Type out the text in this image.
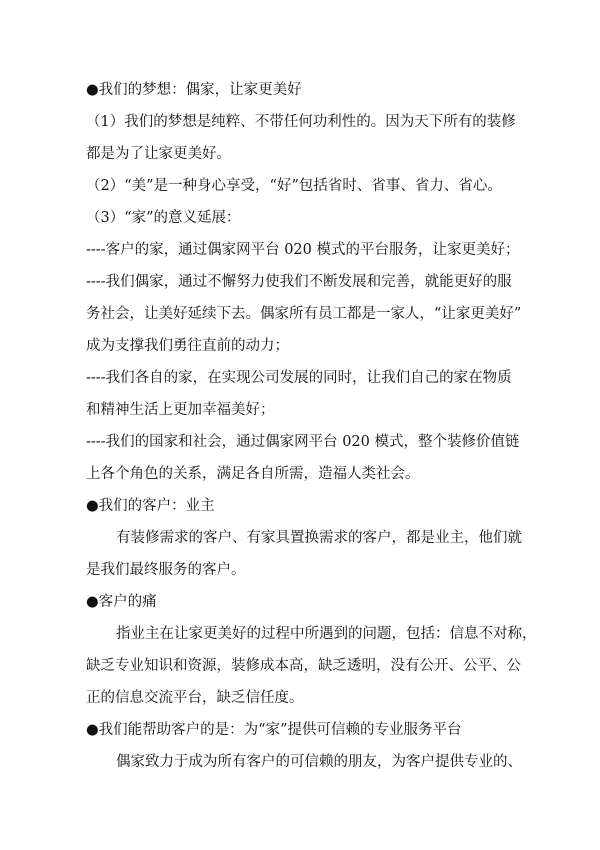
●我们的梦想：偶家，让家更美好
（1）我们的梦想是纯粹、不带任何功利性的。因为天下所有的装修
都是为了让家更美好。
（2）“美”是一种身心享受，“好”包括省时、省事、省力、省心。
（3）“家”的意义延展：
----客户的家，通过偶家网平台 020 模式的平台服务，让家更美好；
----我们偶家，通过不懈努力使我们不断发展和完善，就能更好的服
务社会，让美好延续下去。偶家所有员工都是一家人，“让家更美好”
成为支撑我们勇往直前的动力；
----我们各自的家，在实现公司发展的同时，让我们自己的家在物质
和精神生活上更加幸福美好；
----我们的国家和社会，通过偶家网平台 020 模式，整个装修价值链
上各个角色的关系，满足各自所需，造福人类社会。
●我们的客户：业主
有装修需求的客户、有家具置换需求的客户，都是业主，他们就
是我们最终服务的客户。
●客户的痛
指业主在让家更美好的过程中所遇到的问题，包括：信息不对称，
缺乏专业知识和资源，装修成本高，缺乏透明，没有公开、公平、公
正的信息交流平台，缺乏信任度。
●我们能帮助客户的是：为“家”提供可信赖的专业服务平台
偶家致力于成为所有客户的可信赖的朋友，为客户提供专业的、
